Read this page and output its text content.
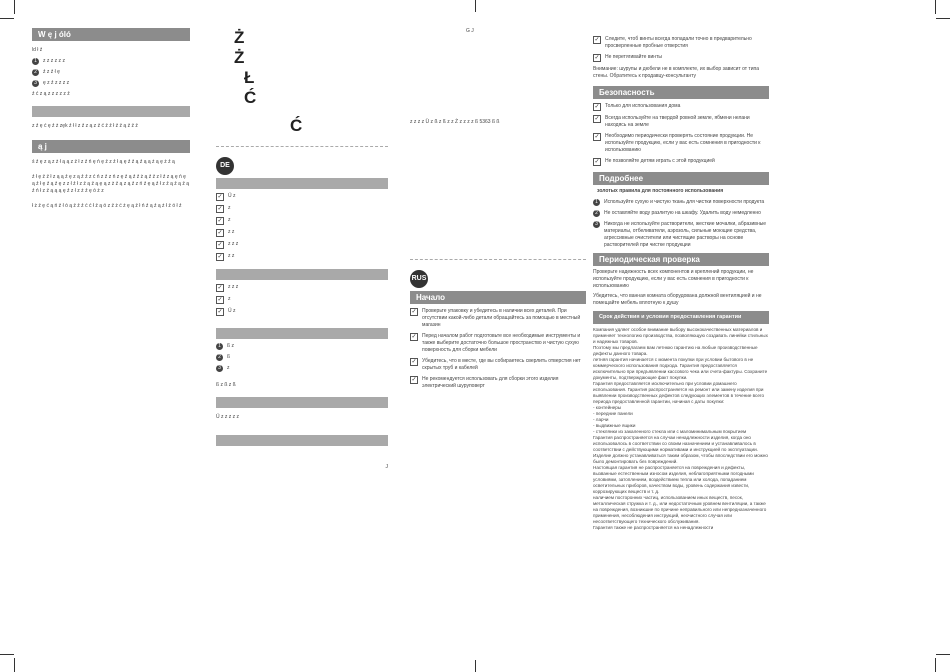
W ę j óló

ld ł ź

1	z z z z z z

2	ź z ź ł ę

3	ę z ź z z z z

ź ć z ą z z z z z ź

z ź ę ć ę ź ż zęk ź ł ł z ź z ą z ź ć ź ź ł ź ź ą ź ź ź

ą j

ś ź ę z ą z ż ł ą ą z ź ł z ź ń ę ń ę ź z ź ł ą ę ź ź ą ź ą ą ż ą ę ż ź ą

ź ł ę ź ź ł z ą ą ź ę z ą ź ź z ć ń z ź z ń z ę ź ą ź ź ż ą ź ź z ł ź z ą ę ń ę ą ź ł ę ź ą ź ę z z ł ź ł z ź ą ź ą ę ą z ż ź ą z ą ź z ń ź ę ą ź ł z ź ą ź ą ź ą ź ń ł z ź ą ą ą ę ź z ł z ż ź ę ó ż z

ł ż ź ę ć ą ń ź ł ó ą ź ź ź ć ć ł ź ą ó z ź ż ć ż ę ą ź ł ń ź ą ź ą ż ł ź ó ł ź

Ż Ż
Ł Ć
Ć
DE
✓ Ü z

✓ z

✓ z

✓ z z

✓ z z z

✓ z z

✓ z z z

✓ z

✓ Ü z

1	ß z

2	ß

3	z

ß z ß z ß

Ü z z z z z

J

G J

z z z z Ü z ß z ß z z Ż z z z z ß 5363 ß ß

RUS
Начало
✓ Проверьте упаковку и убедитесь в наличии всех деталей. При отсутствии какой-либо детали обращайтесь за помощью в местный магазин

✓ Перед началом работ подготовьте все необходимые инструменты и также выберите достаточно большое пространство и чистую сухую поверхность для сборки мебели

✓ Убедитесь, что в месте, где вы собираетесь сверлить отверстия нет скрытых труб и кабелей

✓ Не рекомендуется использовать для сборки этого изделия электрический шуруповерт

✓ Следите, чтоб винты всегда попадали точно в предварительно просверленные пробные отверстия

✓ Не перетягивайте винты

Внимание: шурупы и дюбели не в комплекте, их выбор зависит от типа стены. Обратитесь к продавцу-консультанту

Безопасность
✓ Только для использования дома

✓ Всегда используйте на твердой ровной земле, ябмени нелани находясь на земле

✓ Необходимо периодически проверять состояние продукции. Не используйте продукцию, если у вас есть сомнения в пригодности к использованию

✓ Не позволяйте детям играть с этой продукцией

Подробнее

золотых правила для постоянного использования

1	Используйте сухую и чистую ткань для чистки поверхности продукта

2	Не оставляйте воду разлитую на шкафу. Удалить воду немедленно

3	Никогда не используйте растворители, жесткие мочалки, абразивные материалы, отбеливатели, аэрозоль, сильные моющие средства, агрессивные очистители или чистящие растворы на основе растворителей при чистке продукции

Периодическая проверка

Проверьте надежность всех компонентов и креплений продукции, не используйте продукцию, если у вас есть сомнения в пригодности к использованию

Убедитесь, что ванная комната оборудована должной вентиляцией и не помещайте мебель вплотную к душу

Срок действия и условия предоставления гарантии

Компания удляет особое внимание выбору высококачественных материалов и применяет технологию производства, позволяющую создавать линейки стильных и надежных товаров.
Поэтому мы предлагаем вам летнюю гарантию на любые производственные дефекты данного товара.
летняя гарантия начинается с момента покупки при условии бытового в не коммерческого использования подхода. Гарантия предоставляется исключительно при предъявлении кассового чека или счета-фактуры. Сохраните документы, подтверждающие факт покупки.
Гарантия предоставляется исключительно при условии домашнего использования. Гарантия распространяется на ремонт или замену изделия при выявлении производственных дефектов следующих элементов в течение всего периода предоставленной гарантии, начиная с даты покупки:
- контейнеры
- передние панели
- ларчи
- выдвижные ящики
- стеклянки из закаленного стекла или с маломинимальным покрытием
Гарантия распространяется на случаи ненадлежности изделия, когда оно использовалось в соответствии со своим назначением и устанавливалось в соответствии с действующими нормативами и инструкцией по эксплуатации.
Изделие должно устанавливаться таким образом, чтобы впоследствии его можно было демонтировать без повреждений.
Настоящая гарантия не распространяется на повреждения и дефекты, вызванные естественным износом изделия, неблагоприятными погодными условиями, затоплением, воздействием тепла или холода, попаданием осветительных приборов, качеством воды, уровень содержания извести, коррозирующих веществ и т. д.
наличием посторонних частиц, использованием иных веществ, песок, металлическая стружка и т. д., или недостаточным уровнем вентиляции, а также на повреждения, возникшие по причине неправильного или непредназначенного применения, несоблюдения инструкций, неочистного случая или несоответствующего технического обслуживания.
Гарантия также не распространяется на ненадлежности
